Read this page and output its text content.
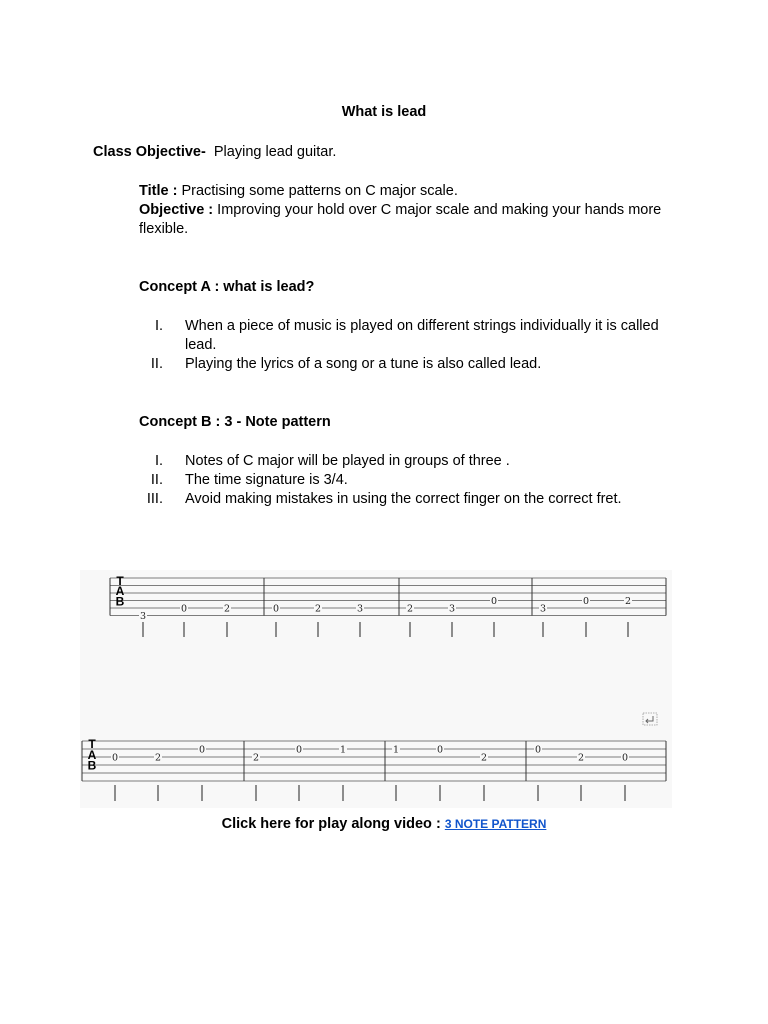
What is lead
Class Objective- Playing lead guitar.
Title : Practising some patterns on C major scale.
Objective : Improving your hold over C major scale and making your hands more flexible.
Concept A : what is lead?
I. When a piece of music is played on different strings individually it is called lead.
II. Playing the lyrics of a song or a tune is also called lead.
Concept B : 3 - Note pattern
I. Notes of C major will be played in groups of three .
II. The time signature is 3/4.
III. Avoid making mistakes in using the correct finger on the correct fret.
T
A
B
3
0	2	0	2	3	2	3
0
3
0	2
T
A
B
0	2
0
2
0	1	1	0
2
0
2	0
Click here for play along video : 3 NOTE PATTERN
